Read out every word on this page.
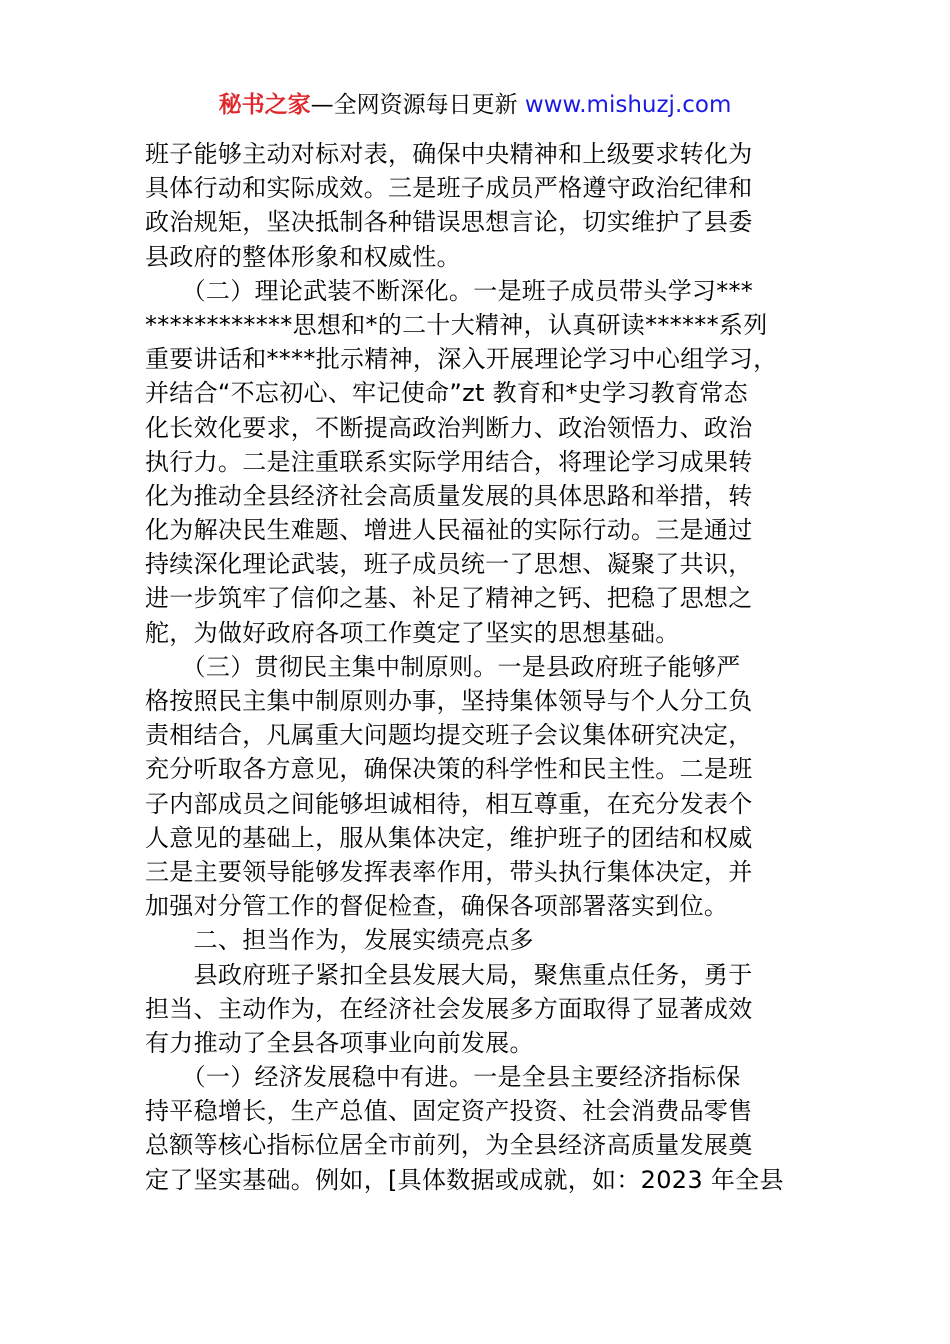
秘书之家—全网资源每日更新 www.mishuzj.com
班子能够主动对标对表，确保中央精神和上级要求转化为
具体行动和实际成效。三是班子成员严格遵守政治纪律和
政治规矩，坚决抵制各种错误思想言论，切实维护了县委
县政府的整体形象和权威性。
　　（二）理论武装不断深化。一是班子成员带头学习***
************思想和*的二十大精神，认真研读******系列
重要讲话和****批示精神，深入开展理论学习中心组学习，
并结合“不忘初心、牢记使命”zt 教育和*史学习教育常态
化长效化要求，不断提高政治判断力、政治领悟力、政治
执行力。二是注重联系实际学用结合，将理论学习成果转
化为推动全县经济社会高质量发展的具体思路和举措，转
化为解决民生难题、增进人民福祉的实际行动。三是通过
持续深化理论武装，班子成员统一了思想、凝聚了共识，
进一步筑牢了信仰之基、补足了精神之钙、把稳了思想之
舵，为做好政府各项工作奠定了坚实的思想基础。
　　（三）贯彻民主集中制原则。一是县政府班子能够严
格按照民主集中制原则办事，坚持集体领导与个人分工负
责相结合，凡属重大问题均提交班子会议集体研究决定，
充分听取各方意见，确保决策的科学性和民主性。二是班
子内部成员之间能够坦诚相待，相互尊重，在充分发表个
人意见的基础上，服从集体决定，维护班子的团结和权威
三是主要领导能够发挥表率作用，带头执行集体决定，并
加强对分管工作的督促检查，确保各项部署落实到位。
　　二、担当作为，发展实绩亮点多
　　县政府班子紧扣全县发展大局，聚焦重点任务，勇于
担当、主动作为，在经济社会发展多方面取得了显著成效
有力推动了全县各项事业向前发展。
　　（一）经济发展稳中有进。一是全县主要经济指标保
持平稳增长，生产总值、固定资产投资、社会消费品零售
总额等核心指标位居全市前列，为全县经济高质量发展奠
定了坚实基础。例如，[具体数据或成就，如：2023 年全县
